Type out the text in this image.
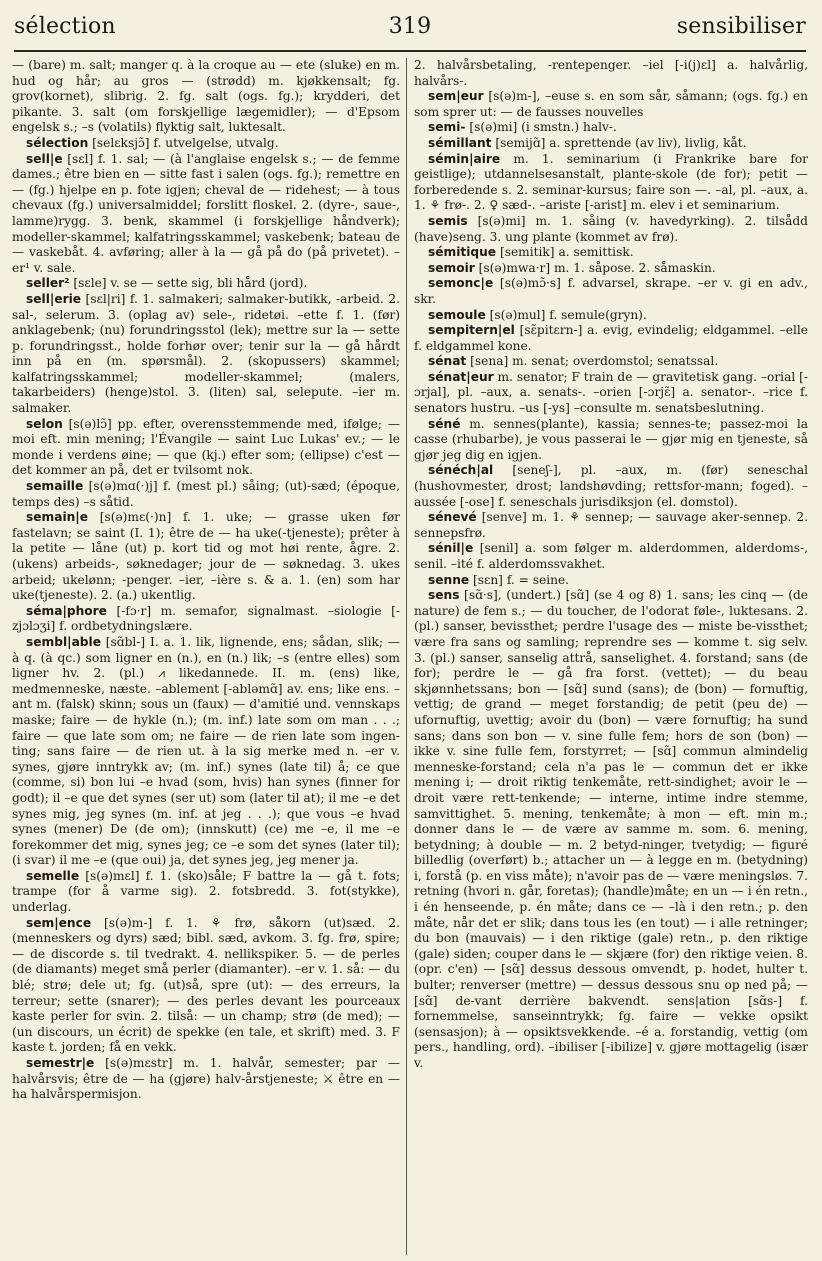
sélection	319	sensibiliser

— (bare) m. salt; manger q. à la croque au — ete (sluke) en m. hud og hår; au gros — (strødd) m. kjøkkensalt; fg. grov(kornet), slibrig. 2. fg. salt (ogs. fg.); krydderi, det pikante. 3. salt (om forskjellige lægemidler); — d'Epsom engelsk s.; –s (volatils) flyktig salt, luktesalt.

sélection [selɛksjɔ̃] f. utvelgelse, utvalg.

sell|e [sɛl] f. 1. sal; — (à l'anglaise engelsk s.; — de femme dames.; être bien en — sitte fast i salen (ogs. fg.); remettre en — (fg.) hjelpe en p. fote igjen; cheval de — ridehest; — à tous chevaux (fg.) universalmiddel; forslitt floskel. 2. (dyre-, saue-, lamme)rygg. 3. benk, skammel (i forskjellige håndverk); modeller-skammel; kalfatringsskammel; vaskebenk; bateau de — vaskebåt. 4. avføring; aller à la — gå på do (på privetet). –er¹ v. sale.

seller² [sɛle] v. se — sette sig, bli hård (jord).

sell|erie [sɛl|ri] f. 1. salmakeri; salmaker-butikk, -arbeid. 2. sal-, selerum. 3. (oplag av) sele-, ridetøi. –ette f. 1. (før) anklagebenk; (nu) forundringsstol (lek); mettre sur la — sette p. forundringsst., holde forhør over; tenir sur la — gå hårdt inn på en (m. spørsmål). 2. (skopussers) skammel; kalfatringsskammel; modeller-skammel; (malers, takarbeiders) (henge)stol. 3. (liten) sal, selepute. –ier m. salmaker.

selon [s(ə)lɔ̃] pp. efter, overensstemmende med, ifølge; — moi eft. min mening; l'Évangile — saint Luc Lukas' ev.; — le monde i verdens øine; — que (kj.) efter som; (ellipse) c'est — det kommer an på, det er tvilsomt nok.

semaille [s(ə)mɑ(·)j] f. (mest pl.) såing; (ut)-sæd; (époque, temps des) –s såtid.

semain|e [s(ə)mɛ(·)n] f. 1. uke; — grasse uken før fastelavn; se saint (I. 1); être de — ha uke(-tjeneste); prêter à la petite — låne (ut) p. kort tid og mot høi rente, ågre. 2. (ukens) arbeids-, søknedager; jour de — søknedag. 3. ukes arbeid; ukelønn; -penger. –ier, –ière s. & a. 1. (en) som har uke(tjeneste). 2. (a.) ukentlig.

séma|phore [-fɔ·r] m. semafor, signalmast. –siologie [-zjɔlɔʒi] f. ordbetydningslære.

sembl|able [sɑ̃bl-] I. a. 1. lik, lignende, ens; sådan, slik; — à q. (à qc.) som ligner en (n.), en (n.) lik; –s (entre elles) som ligner hv. 2. (pl.) ⩘ likedannede. II. m. (ens) like, medmenneske, næste. –ablement [-abləmɑ̃] av. ens; like ens. –ant m. (falsk) skinn; sous un (faux) — d'amitié und. vennskaps maske; faire — de hykle (n.); (m. inf.) late som om man . . .; faire — que late som om; ne faire — de rien late som ingen-ting; sans faire — de rien ut. à la sig merke med n. –er v. synes, gjøre inntrykk av; (m. inf.) synes (late til) å; ce que (comme, si) bon lui –e hvad (som, hvis) han synes (finner for godt); il –e que det synes (ser ut) som (later til at); il me –e det synes mig, jeg synes (m. inf. at jeg . . .); que vous –e hvad synes (mener) De (de om); (innskutt) (ce) me –e, il me –e forekommer det mig, synes jeg; ce –e som det synes (later til); (i svar) il me –e (que oui) ja, det synes jeg, jeg mener ja.

semelle [s(ə)mɛl] f. 1. (sko)såle; F battre la — gå t. fots; trampe (for å varme sig). 2. fotsbredd. 3. fot(stykke), underlag.

sem|ence [s(ə)m-] f. 1. ⚘ frø, såkorn (ut)sæd. 2. (menneskers og dyrs) sæd; bibl. sæd, avkom. 3. fg. frø, spire; — de discorde s. til tvedrakt. 4. nellikspiker. 5. — de perles (de diamants) meget små perler (diamanter). –er v. 1. så: — du blé; strø; dele ut; fg. (ut)så, spre (ut): — des erreurs, la terreur; sette (snarer); — des perles devant les pourceaux kaste perler for svin. 2. tilså: — un champ; strø (de med); — (un discours, un écrit) de spekke (en tale, et skrift) med. 3. F kaste t. jorden; få en vekk.

semestr|e [s(ə)mɛstr] m. 1. halvår, semester; par — halvårsvis; être de — ha (gjøre) halv-årstjeneste; ⚔ être en — ha halvårspermisjon.

2. halvårsbetaling, -rentepenger. –iel [-i(j)ɛl] a. halvårlig, halvårs-.

sem|eur [s(ə)m-], –euse s. en som sår, såmann; (ogs. fg.) en som sprer ut: — de fausses nouvelles

semi- [s(ə)mi] (i smstn.) halv-.

sémillant [semijɑ̃] a. sprettende (av liv), livlig, kåt.

sémin|aire m. 1. seminarium (i Frankrike bare for geistlige); utdannelsesanstalt, plante-skole (de for); petit — forberedende s. 2. seminar-kursus; faire son —. –al, pl. –aux, a. 1. ⚘ frø-. 2. ♀ sæd-. –ariste [-arist] m. elev i et seminarium.

semis [s(ə)mi] m. 1. såing (v. havedyrking). 2. tilsådd (have)seng. 3. ung plante (kommet av frø).

sémitique [semitik] a. semittisk.

semoir [s(ə)mwa·r] m. 1. såpose. 2. såmaskin.

semonc|e [s(ə)mɔ̃·s] f. advarsel, skrape. –er v. gi en adv., skr.

semoule [s(ə)mul] f. semule(gryn).

sempitern|el [sɛ̃pitɛrn-] a. evig, evindelig; eldgammel. –elle f. eldgammel kone.

sénat [sena] m. senat; overdomstol; senatssal.

sénat|eur m. senator; F train de — gravitetisk gang. –orial [-ɔrjal], pl. –aux, a. senats-. –orien [-ɔrjɛ̃] a. senator-. –rice f. senators hustru. –us [-ys] –consulte m. senatsbeslutning.

séné m. sennes(plante), kassia; sennes-te; passez-moi la casse (rhubarbe), je vous passerai le — gjør mig en tjeneste, så gjør jeg dig en igjen.

sénéch|al [seneʃ-], pl. –aux, m. (før) seneschal (hushovmester, drost; landshøvding; rettsfor-mann; foged). –aussée [-ose] f. seneschals jurisdiksjon (el. domstol).

sénevé [senve] m. 1. ⚘ sennep; — sauvage aker-sennep. 2. sennepsfrø.

sénil|e [senil] a. som følger m. alderdommen, alderdoms-, senil. –ité f. alderdomssvakhet.

senne [sɛn] f. = seine.

sens [sɑ̃·s], (undert.) [sɑ̃] (se 4 og 8) 1. sans; les cinq — (de nature) de fem s.; — du toucher, de l'odorat føle-, luktesans. 2. (pl.) sanser, bevissthet; perdre l'usage des — miste be-vissthet; være fra sans og samling; reprendre ses — komme t. sig selv. 3. (pl.) sanser, sanselig attrå, sanselighet. 4. forstand; sans (de for); perdre le — gå fra forst. (vettet); — du beau skjønnhetssans; bon — [sɑ̃] sund (sans); de (bon) — fornuftig, vettig; de grand — meget forstandig; de petit (peu de) — ufornuftig, uvettig; avoir du (bon) — være fornuftig; ha sund sans; dans son bon — v. sine fulle fem; hors de son (bon) — ikke v. sine fulle fem, forstyrret; — [sɑ̃] commun almindelig menneske-forstand; cela n'a pas le — commun det er ikke mening i; — droit riktig tenkemåte, rett-sindighet; avoir le — droit være rett-tenkende; — interne, intime indre stemme, samvittighet. 5. mening, tenkemåte; à mon — eft. min m.; donner dans le — de være av samme m. som. 6. mening, betydning; à double — m. 2 betyd-ninger, tvetydig; — figuré billedlig (overført) b.; attacher un — à legge en m. (betydning) i, forstå (p. en viss måte); n'avoir pas de — være meningsløs. 7. retning (hvori n. går, foretas); (handle)måte; en un — i én retn., i én henseende, p. én måte; dans ce — –là i den retn.; p. den måte, når det er slik; dans tous les (en tout) — i alle retninger; du bon (mauvais) — i den riktige (gale) retn., p. den riktige (gale) siden; couper dans le — skjære (for) den riktige veien. 8. (opr. c'en) — [sɑ̃] dessus dessous omvendt, p. hodet, hulter t. bulter; renverser (mettre) — dessus dessous snu op ned på; — [sɑ̃] de-vant derrière bakvendt. sens|ation [sɑ̃s-] f. fornemmelse, sanseinntrykk; fg. faire — vekke opsikt (sensasjon); à — opsiktsvekkende. –é a. forstandig, vettig (om pers., handling, ord). –ibiliser [-ibilize] v. gjøre mottagelig (især v.
